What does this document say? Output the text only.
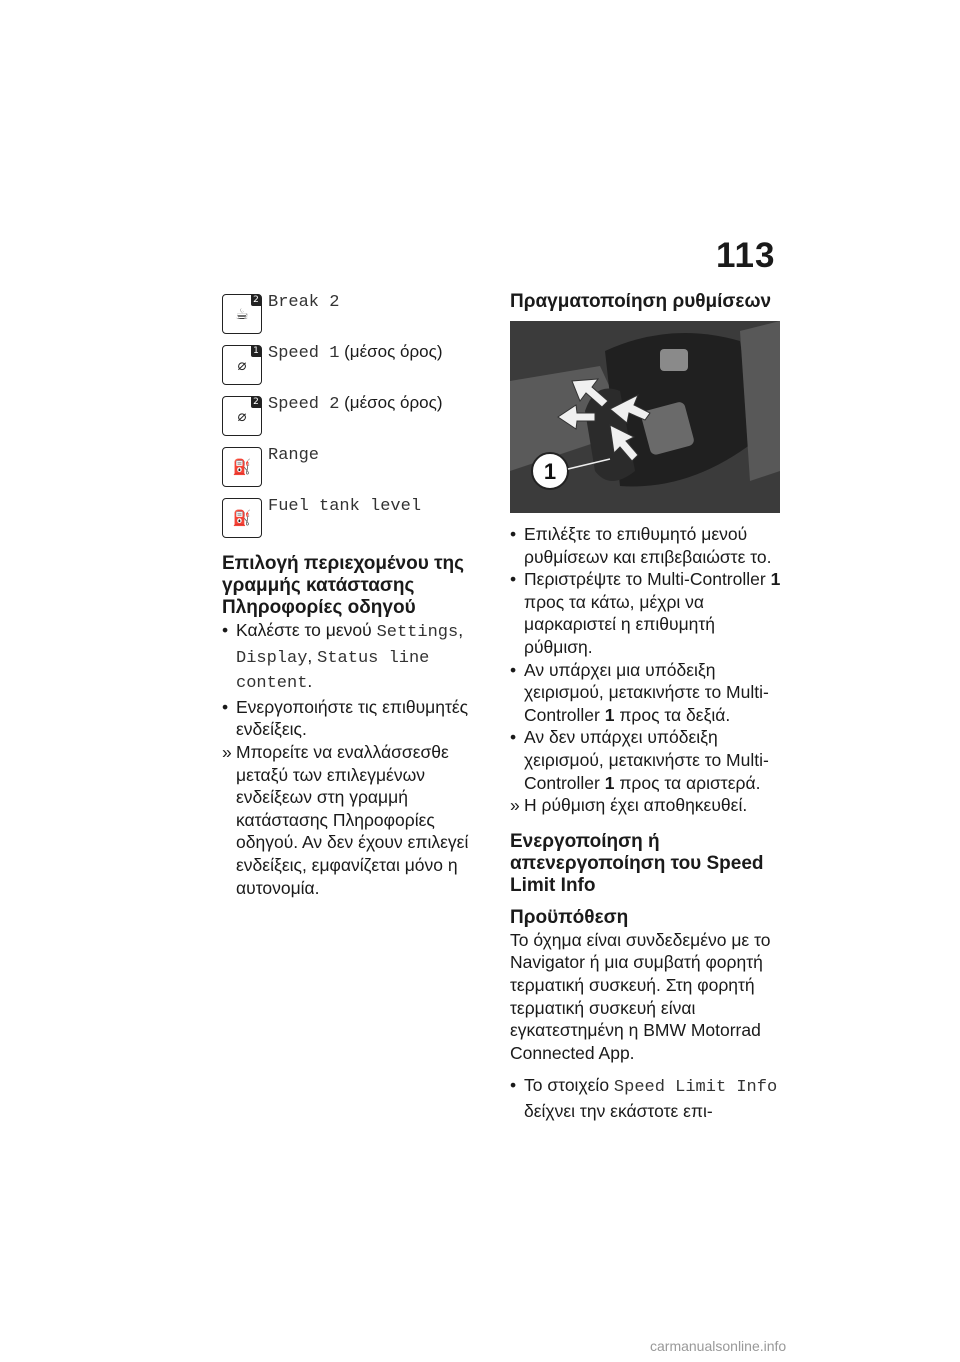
113
☕
2 Break 2
⌀
1 Speed 1 (μέσος όρος)
⌀
2 Speed 2 (μέσος όρος)
⛽
Range
⛽
Fuel tank level
Επιλογή περιεχομένου της γραμμής κατάστασης Πληροφορίες οδηγού
• Καλέστε το μενού Settings, Display, Status line content.
• Ενεργοποιήστε τις επιθυμητές ενδείξεις.
» Μπορείτε να εναλλάσσεσθε μεταξύ των επιλεγμένων ενδείξεων στη γραμμή κατάστασης Πληροφορίες οδηγού. Αν δεν έχουν επιλεγεί ενδείξεις, εμφανίζεται μόνο η αυτονομία.
Πραγματοποίηση ρυθμίσεων
1
• Επιλέξτε το επιθυμητό μενού ρυθμίσεων και επιβεβαιώστε το.
• Περιστρέψτε το Multi-Controller 1 προς τα κάτω, μέχρι να μαρκαριστεί η επιθυμητή ρύθμιση.
• Αν υπάρχει μια υπόδειξη χειρισμού, μετακινήστε το Multi-Controller 1 προς τα δεξιά.
• Αν δεν υπάρχει υπόδειξη χειρισμού, μετακινήστε το Multi-Controller 1 προς τα αριστερά.
» Η ρύθμιση έχει αποθηκευθεί.
Ενεργοποίηση ή απενεργοποίηση του Speed Limit Info
Προϋπόθεση

Το όχημα είναι συνδεδεμένο με το Navigator ή μια συμβατή φορητή τερματική συσκευή. Στη φορητή τερματική συσκευή είναι εγκατεστημένη η BMW Motorrad Connected App.

• Το στοιχείο Speed Limit Info δείχνει την εκάστοτε επι-
carmanualsonline.info
